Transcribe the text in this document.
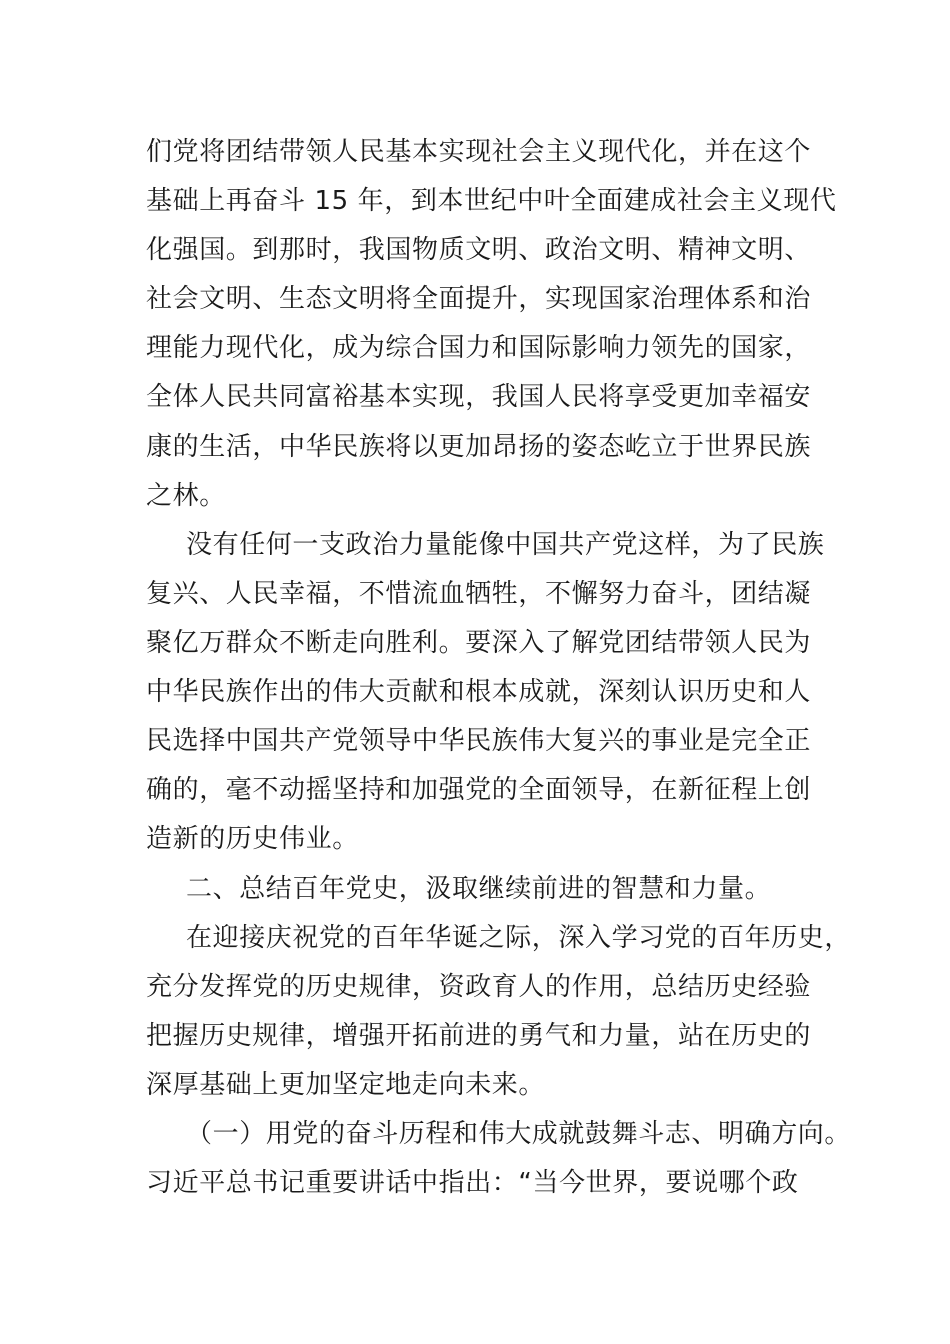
们党将团结带领人民基本实现社会主义现代化，并在这个
基础上再奋斗 15 年，到本世纪中叶全面建成社会主义现代
化强国。到那时，我国物质文明、政治文明、精神文明、
社会文明、生态文明将全面提升，实现国家治理体系和治
理能力现代化，成为综合国力和国际影响力领先的国家，
全体人民共同富裕基本实现，我国人民将享受更加幸福安
康的生活，中华民族将以更加昂扬的姿态屹立于世界民族
之林。
没有任何一支政治力量能像中国共产党这样，为了民族
复兴、人民幸福，不惜流血牺牲，不懈努力奋斗，团结凝
聚亿万群众不断走向胜利。要深入了解党团结带领人民为
中华民族作出的伟大贡献和根本成就，深刻认识历史和人
民选择中国共产党领导中华民族伟大复兴的事业是完全正
确的，毫不动摇坚持和加强党的全面领导，在新征程上创
造新的历史伟业。
二、总结百年党史，汲取继续前进的智慧和力量。
在迎接庆祝党的百年华诞之际，深入学习党的百年历史，
充分发挥党的历史规律，资政育人的作用，总结历史经验
把握历史规律，增强开拓前进的勇气和力量，站在历史的
深厚基础上更加坚定地走向未来。
（一）用党的奋斗历程和伟大成就鼓舞斗志、明确方向。
习近平总书记重要讲话中指出：“当今世界，要说哪个政
